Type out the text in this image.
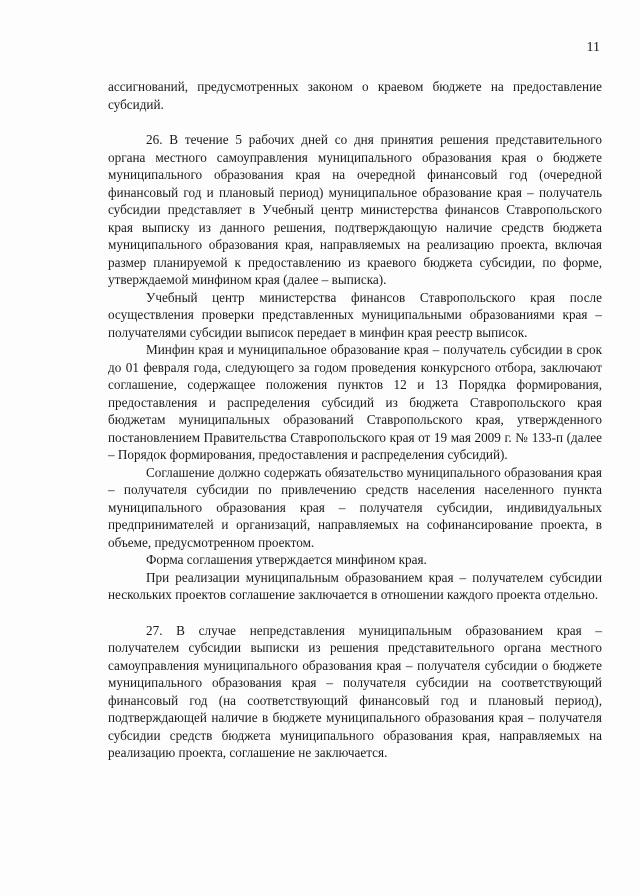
11

ассигнований, предусмотренных законом о краевом бюджете на предоставление субсидий.

26. В течение 5 рабочих дней со дня принятия решения представительного органа местного самоуправления муниципального образования края о бюджете муниципального образования края на очередной финансовый год (очередной финансовый год и плановый период) муниципальное образование края – получатель субсидии представляет в Учебный центр министерства финансов Ставропольского края выписку из данного решения, подтверждающую наличие средств бюджета муниципального образования края, направляемых на реализацию проекта, включая размер планируемой к предоставлению из краевого бюджета субсидии, по форме, утверждаемой минфином края (далее – выписка).

Учебный центр министерства финансов Ставропольского края после осуществления проверки представленных муниципальными образованиями края – получателями субсидии выписок передает в минфин края реестр выписок.

Минфин края и муниципальное образование края – получатель субсидии в срок до 01 февраля года, следующего за годом проведения конкурсного отбора, заключают соглашение, содержащее положения пунктов 12 и 13 Порядка формирования, предоставления и распределения субсидий из бюджета Ставропольского края бюджетам муниципальных образований Ставропольского края, утвержденного постановлением Правительства Ставропольского края от 19 мая 2009 г. № 133-п (далее – Порядок формирования, предоставления и распределения субсидий).

Соглашение должно содержать обязательство муниципального образования края – получателя субсидии по привлечению средств населения населенного пункта муниципального образования края – получателя субсидии, индивидуальных предпринимателей и организаций, направляемых на софинансирование проекта, в объеме, предусмотренном проектом.

Форма соглашения утверждается минфином края.

При реализации муниципальным образованием края – получателем субсидии нескольких проектов соглашение заключается в отношении каждого проекта отдельно.

27. В случае непредставления муниципальным образованием края – получателем субсидии выписки из решения представительного органа местного самоуправления муниципального образования края – получателя субсидии о бюджете муниципального образования края – получателя субсидии на соответствующий финансовый год (на соответствующий финансовый год и плановый период), подтверждающей наличие в бюджете муниципального образования края – получателя субсидии средств бюджета муниципального образования края, направляемых на реализацию проекта, соглашение не заключается.
